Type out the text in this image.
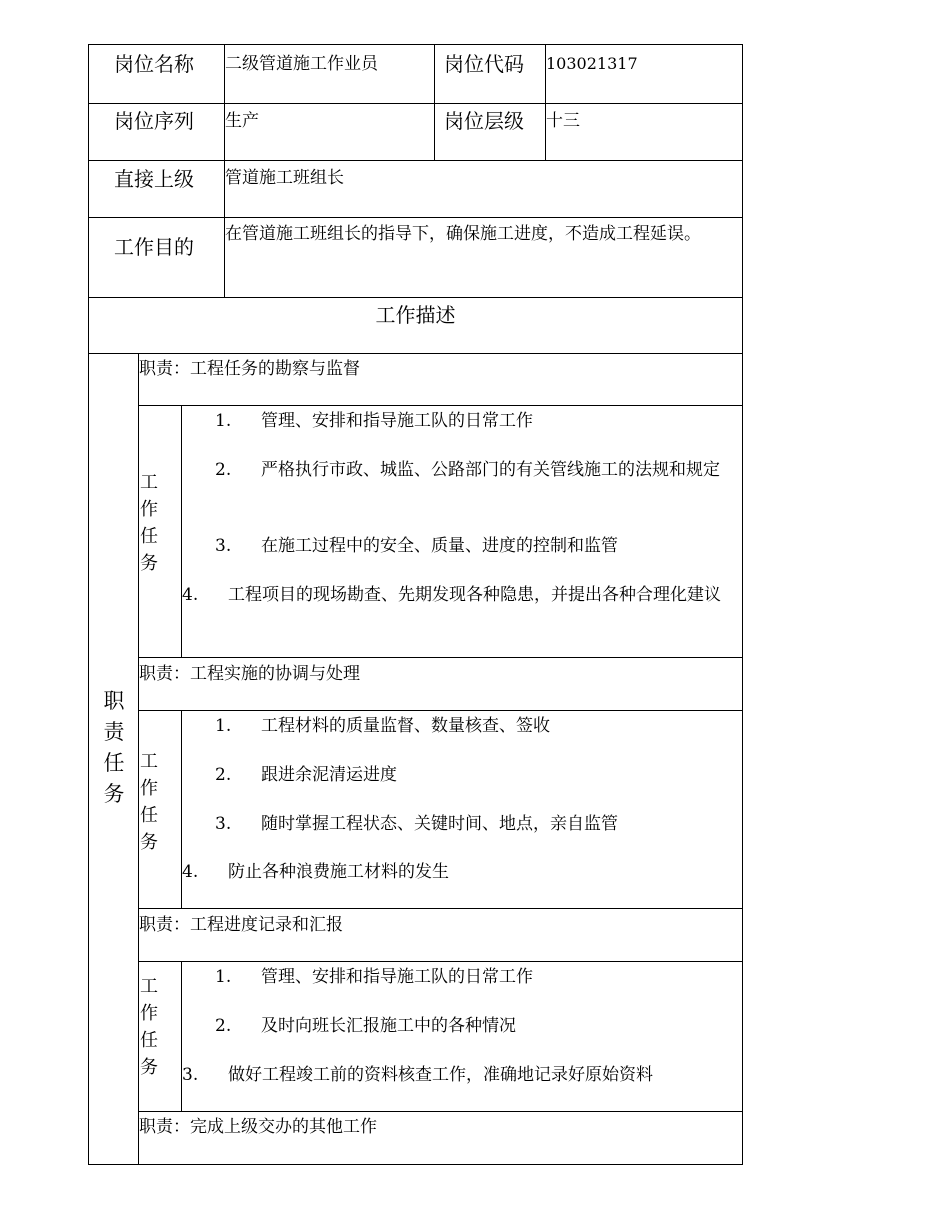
岗位名称 二级管道施工作业员	岗位代码 103021317
岗位序列 生产	岗位层级 十三
直接上级 管道施工班组长
工作目的
在管道施工班组长的指导下，确保施工进度，不造成工程延误。
工作描述
职
责
任
务
职责：工程任务的勘察与监督
工
作
任
务
1. 管理、安排和指导施工队的日常工作
2. 严格执行市政、城监、公路部门的有关管线施工的法规和规定
3. 在施工过程中的安全、质量、进度的控制和监管
4. 工程项目的现场勘查、先期发现各种隐患，并提出各种合理化建议
职责：工程实施的协调与处理
工
作
任
务
1. 工程材料的质量监督、数量核查、签收
2. 跟进余泥清运进度
3. 随时掌握工程状态、关键时间、地点，亲自监管
4. 防止各种浪费施工材料的发生
职责：工程进度记录和汇报
工
作
任
务
1. 管理、安排和指导施工队的日常工作
2. 及时向班长汇报施工中的各种情况
3. 做好工程竣工前的资料核查工作，准确地记录好原始资料
职责：完成上级交办的其他工作
